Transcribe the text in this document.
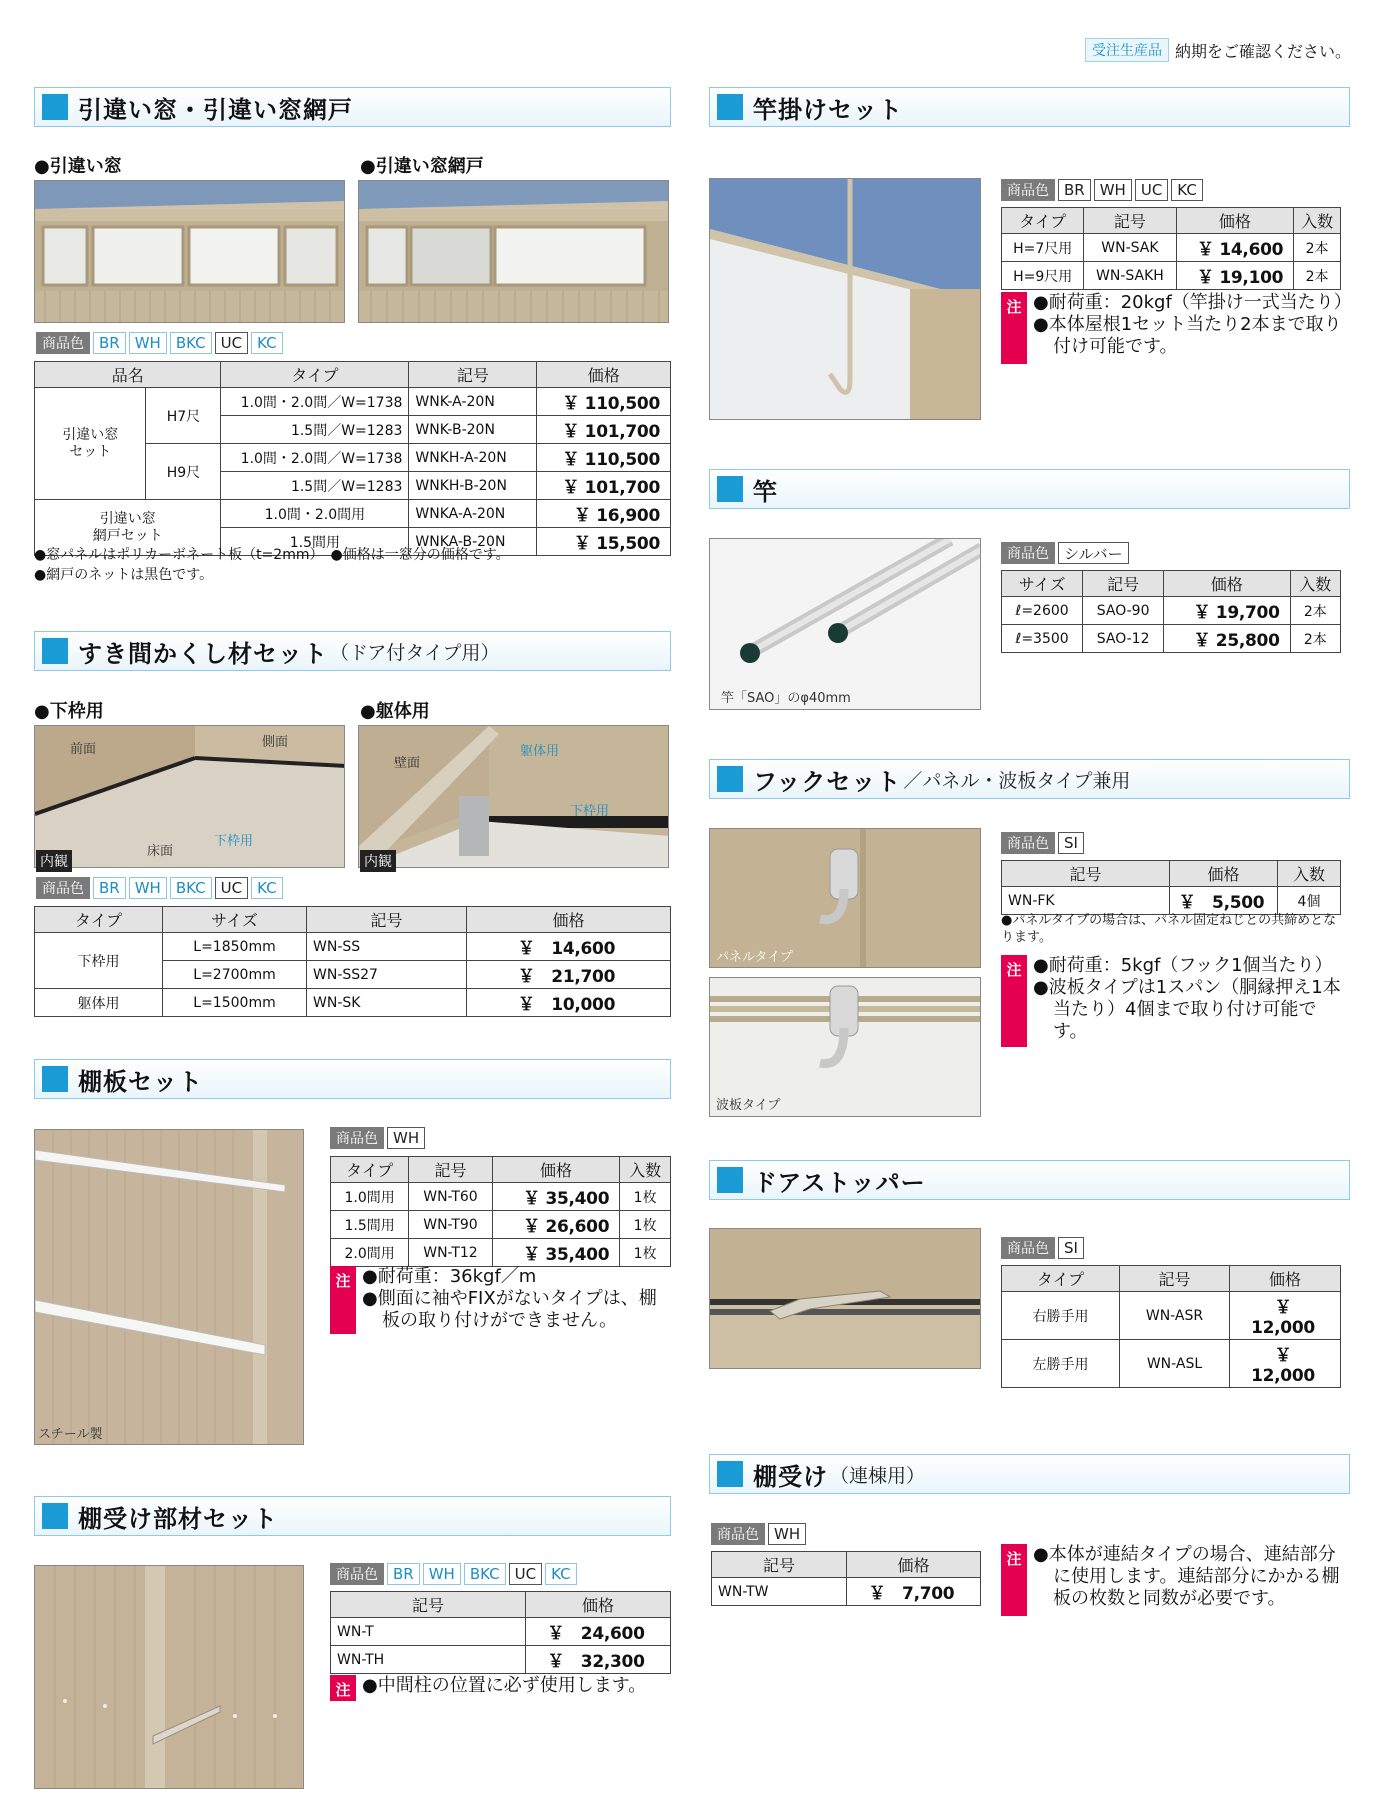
受注生産品 納期をご確認ください。
引違い窓・引違い窓網戸
●引違い窓	●引違い窓網戸
商品色	BR	WH	BKC	UC	KC
品名		タイプ	記号	価格
引違い窓
セット	H7尺	1.0間・2.0間／W=1738	WNK-A-20N	￥ 110,500
		1.5間／W=1283	WNK-B-20N	￥ 101,700
	H9尺	1.0間・2.0間／W=1738	WNKH-A-20N	￥ 110,500
		1.5間／W=1283	WNKH-B-20N	￥ 101,700
引違い窓
網戸セット		1.0間・2.0間用	WNKA-A-20N	￥ 16,900
		1.5間用	WNKA-B-20N	￥ 15,500
●窓パネルはポリカーボネート板（t=2mm）　●価格は一窓分の価格です。
●網戸のネットは黒色です。
すき間かくし材セット （ドア付タイプ用）
●下枠用	●躯体用
前面	側面
床面
下枠用
内観
壁面
躯体用
下枠用
内観
商品色	BR	WH	BKC	UC	KC
タイプ	サイズ	記号	価格
下枠用	L=1850mm	WN-SS	￥　14,600
	L=2700mm	WN-SS27	￥　21,700
躯体用	L=1500mm	WN-SK	￥　10,000
棚板セット
スチール製
商品色	WH
タイプ	記号	価格	入数
1.0間用	WN-T60	￥ 35,400	1枚
1.5間用	WN-T90	￥ 26,600	1枚
2.0間用	WN-T12	￥ 35,400	1枚
注 ●耐荷重：36kgf／m
●側面に袖やFIXがないタイプは、棚板の取り付けができません。
棚受け部材セット
商品色	BR	WH	BKC	UC	KC
記号	価格
WN-T	￥　24,600
WN-TH	￥　32,300
注 ●中間柱の位置に必ず使用します。
竿掛けセット
商品色	BR	WH	UC	KC
タイプ	記号	価格	入数
H=7尺用	WN-SAK	￥ 14,600	2本
H=9尺用	WN-SAKH	￥ 19,100	2本
注 ●耐荷重：20kgf（竿掛け一式当たり）
●本体屋根1セット当たり2本まで取り付け可能です。
竿
竿「SAO」のφ40mm
商品色	シルバー
サイズ	記号	価格	入数
ℓ=2600	SAO-90	￥ 19,700	2本
ℓ=3500	SAO-12	￥ 25,800	2本
フックセット ／パネル・波板タイプ兼用
パネルタイプ
波板タイプ
商品色	SI
記号	価格	入数
WN-FK	￥　5,500	4個
●パネルタイプの場合は、パネル固定ねじとの共締めとなります。
注 ●耐荷重：5kgf（フック1個当たり）
●波板タイプは1スパン（胴縁押え1本当たり）4個まで取り付け可能です。
ドアストッパー
商品色	SI
タイプ	記号	価格
右勝手用	WN-ASR	￥　12,000
左勝手用	WN-ASL	￥　12,000
棚受け （連棟用）
商品色	WH
記号	価格
WN-TW	￥　7,700
注 ●本体が連結タイプの場合、連結部分に使用します。連結部分にかかる棚板の枚数と同数が必要です。
